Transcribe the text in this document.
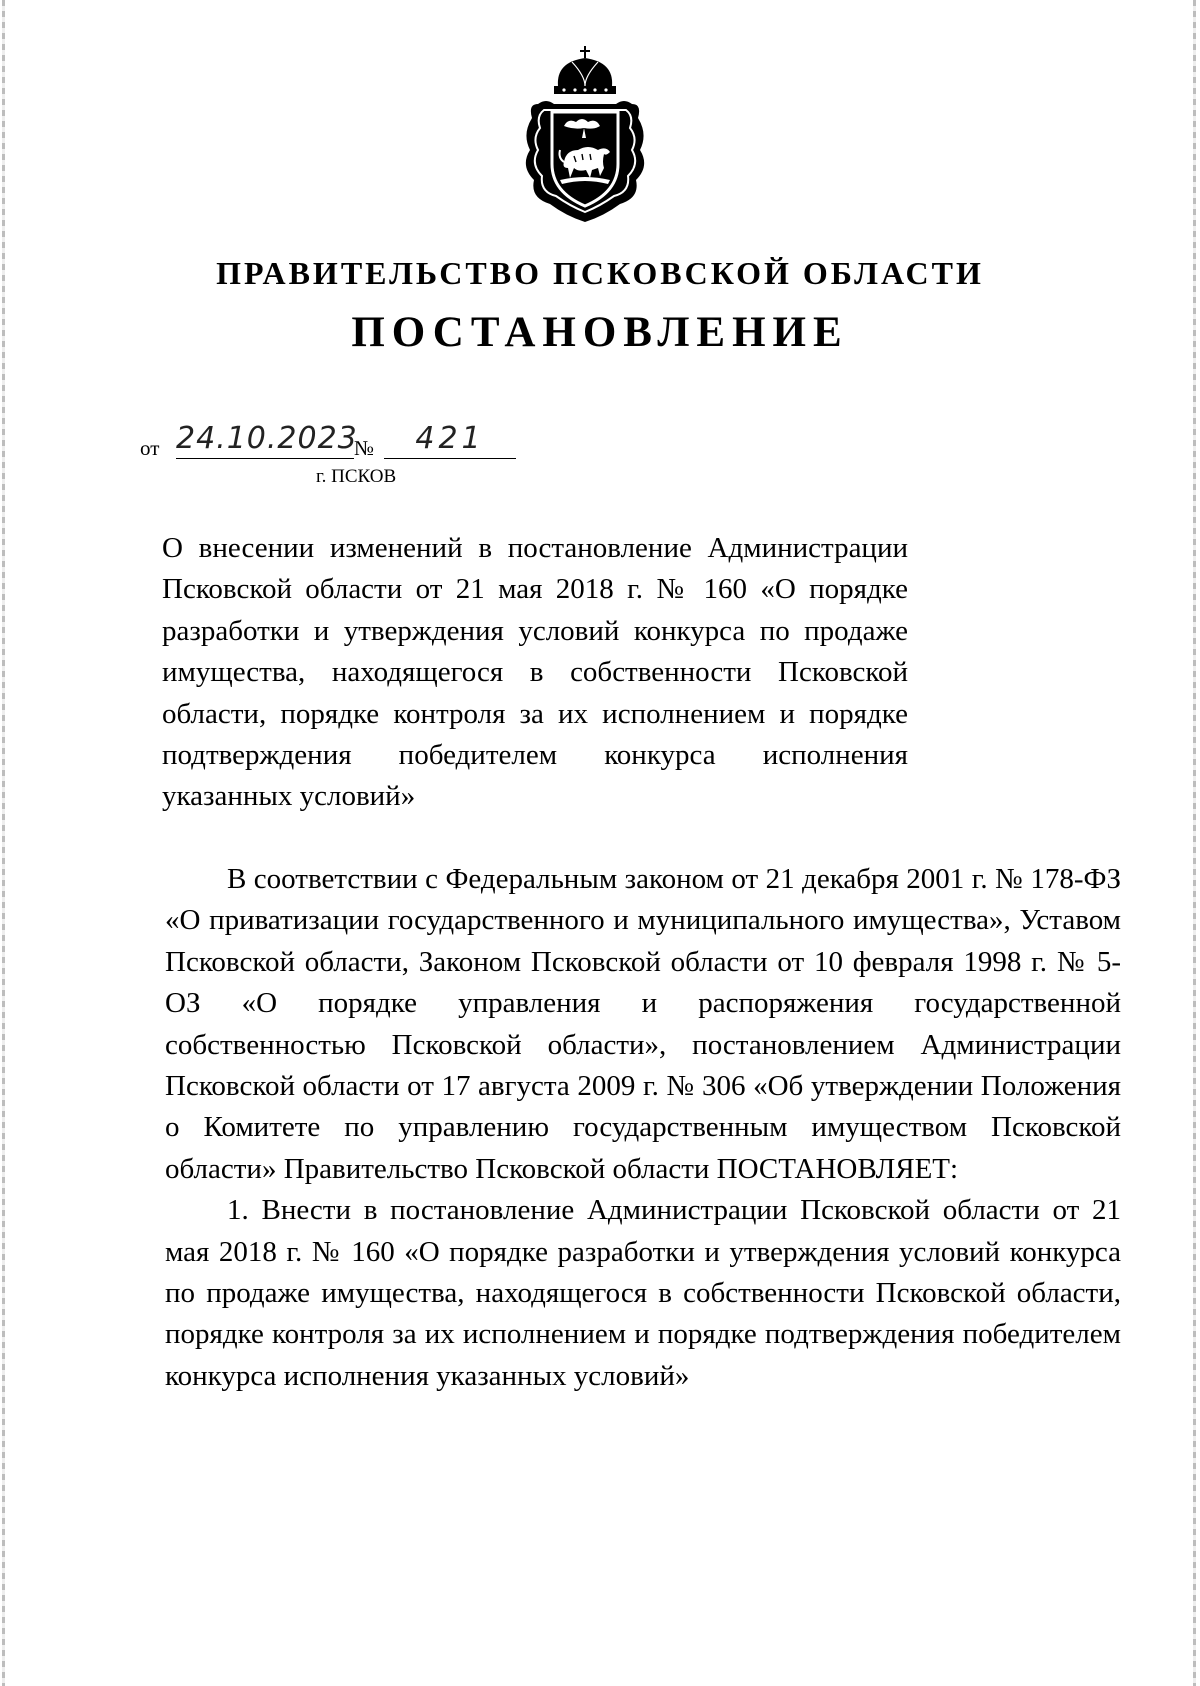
ПРАВИТЕЛЬСТВО ПСКОВСКОЙ ОБЛАСТИ
ПОСТАНОВЛЕНИЕ
от 24.10.2023
№	421
г. ПСКОВ

О внесении изменений в постановление Администрации Псковской области от 21 мая 2018 г. № 160 «О порядке разработки и утверждения условий конкурса по продаже имущества, находящегося в собственности Псковской области, порядке контроля за их исполнением и порядке подтверждения победителем конкурса исполнения указанных условий»

В соответствии с Федеральным законом от 21 декабря 2001 г. № 178-ФЗ «О приватизации государственного и муниципального имущества», Уставом Псковской области, Законом Псковской области от 10 февраля 1998 г. № 5-ОЗ «О порядке управления и распоряжения государственной собственностью Псковской области», постановлением Администрации Псковской области от 17 августа 2009 г. № 306 «Об утверждении Положения о Комитете по управлению государственным имуществом Псковской области» Правительство Псковской области ПОСТАНОВЛЯЕТ:

1. Внести в постановление Администрации Псковской области от 21 мая 2018 г. № 160 «О порядке разработки и утверждения условий конкурса по продаже имущества, находящегося в собственности Псковской области, порядке контроля за их исполнением и порядке подтверждения победителем конкурса исполнения указанных условий»
